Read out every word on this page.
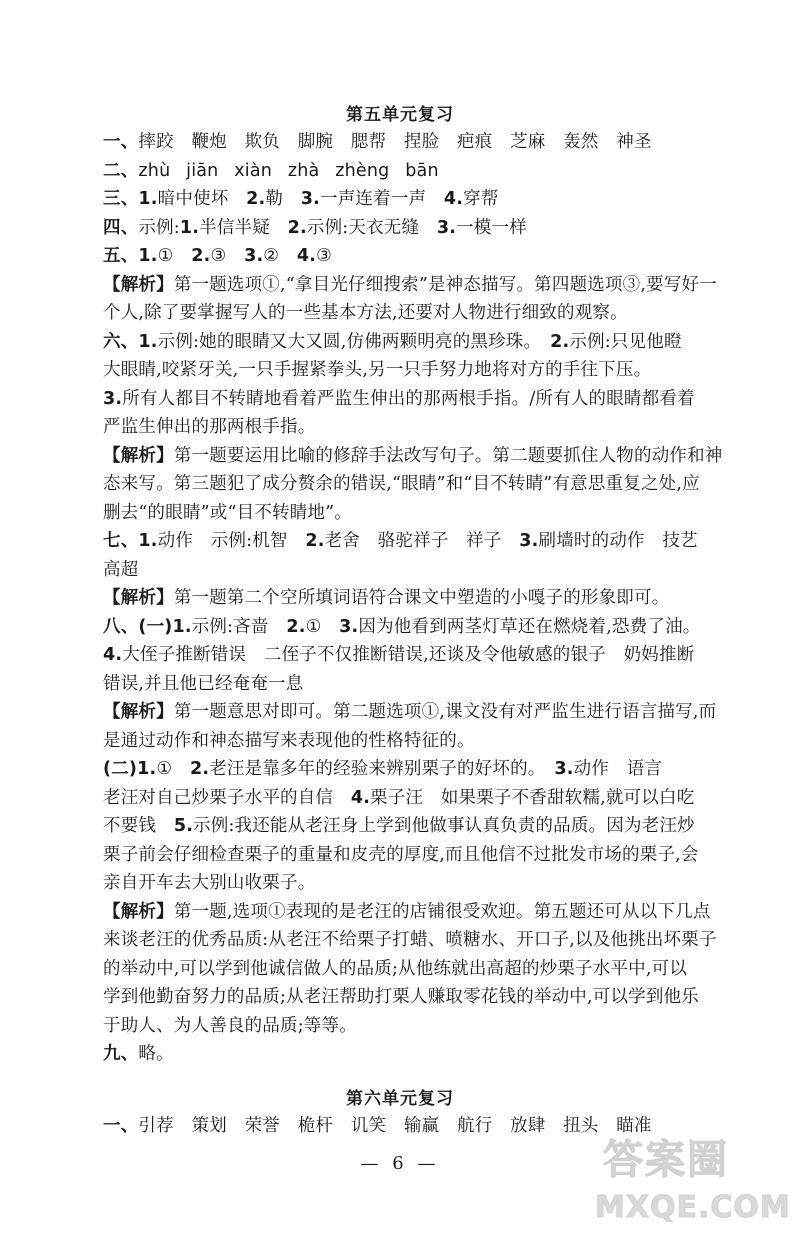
第五单元复习
一、摔跤　鞭炮　欺负　脚腕　腮帮　捏脸　疤痕　芝麻　轰然　神圣
二、zhù jiān xiàn zhà zhèng bān
三、1.暗中使坏　2.勒　3.一声连着一声　4.穿帮
四、示例:1.半信半疑　2.示例:天衣无缝　3.一模一样
五、1.①　2.③　3.②　4.③
【解析】第一题选项①,“拿目光仔细搜索”是神态描写。第四题选项③,要写好一
个人,除了要掌握写人的一些基本方法,还要对人物进行细致的观察。
六、1.示例:她的眼睛又大又圆,仿佛两颗明亮的黑珍珠。　2.示例:只见他瞪
大眼睛,咬紧牙关,一只手握紧拳头,另一只手努力地将对方的手往下压。
3.所有人都目不转睛地看着严监生伸出的那两根手指。/所有人的眼睛都看着
严监生伸出的那两根手指。
【解析】第一题要运用比喻的修辞手法改写句子。第二题要抓住人物的动作和神
态来写。第三题犯了成分赘余的错误,“眼睛”和“目不转睛”有意思重复之处,应
删去“的眼睛”或“目不转睛地”。
七、1.动作　示例:机智　2.老舍　骆驼祥子　祥子　3.刷墙时的动作　技艺
高超
【解析】第一题第二个空所填词语符合课文中塑造的小嘎子的形象即可。
八、(一)1.示例:吝啬　2.①　3.因为他看到两茎灯草还在燃烧着,恐费了油。
4.大侄子推断错误　二侄子不仅推断错误,还谈及令他敏感的银子　奶妈推断
错误,并且他已经奄奄一息
【解析】第一题意思对即可。第二题选项①,课文没有对严监生进行语言描写,而
是通过动作和神态描写来表现他的性格特征的。
(二)1.①　2.老汪是靠多年的经验来辨别栗子的好坏的。　3.动作　语言
老汪对自己炒栗子水平的自信　4.栗子汪　如果栗子不香甜软糯,就可以白吃
不要钱　5.示例:我还能从老汪身上学到他做事认真负责的品质。因为老汪炒
栗子前会仔细检查栗子的重量和皮壳的厚度,而且他信不过批发市场的栗子,会
亲自开车去大别山收栗子。
【解析】第一题,选项①表现的是老汪的店铺很受欢迎。第五题还可从以下几点
来谈老汪的优秀品质:从老汪不给栗子打蜡、喷糖水、开口子,以及他挑出坏栗子
的举动中,可以学到他诚信做人的品质;从他练就出高超的炒栗子水平中,可以
学到他勤奋努力的品质;从老汪帮助打栗人赚取零花钱的举动中,可以学到他乐
于助人、为人善良的品质;等等。
九、略。
第六单元复习
一、引荐　策划　荣誉　桅杆　讥笑　输赢　航行　放肆　扭头　瞄准
— 6 —	答案圈
MXQE.COM
